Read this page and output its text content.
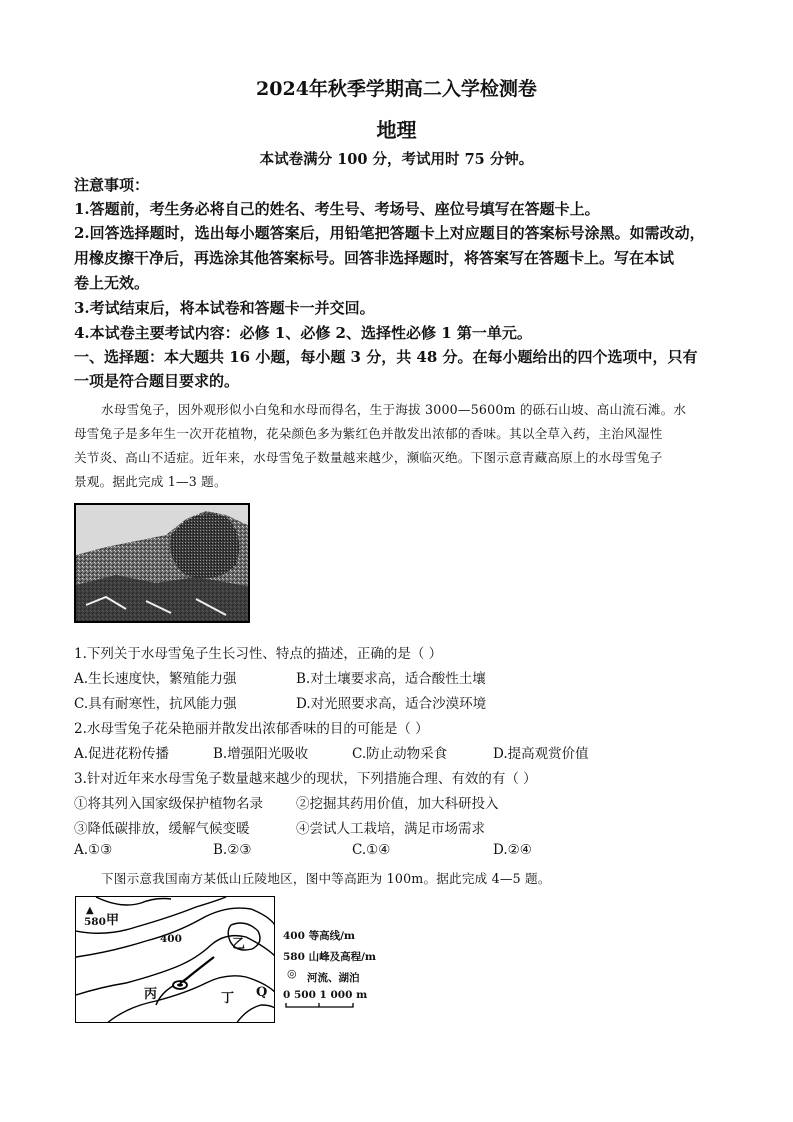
2024年秋季学期高二入学检测卷
地理
本试卷满分 100 分，考试用时 75 分钟。
注意事项：
1.答题前，考生务必将自己的姓名、考生号、考场号、座位号填写在答题卡上。
2.回答选择题时，选出每小题答案后，用铅笔把答题卡上对应题目的答案标号涂黑。如需改动，
用橡皮擦干净后，再选涂其他答案标号。回答非选择题时，将答案写在答题卡上。写在本试
卷上无效。
3.考试结束后，将本试卷和答题卡一并交回。
4.本试卷主要考试内容：必修 1、必修 2、选择性必修 1 第一单元。
一、选择题：本大题共 16 小题，每小题 3 分，共 48 分。在每小题给出的四个选项中，只有
一项是符合题目要求的。
水母雪兔子，因外观形似小白兔和水母而得名，生于海拔 3000—5600m 的砾石山坡、高山流石滩。水
母雪兔子是多年生一次开花植物，花朵颜色多为紫红色并散发出浓郁的香味。其以全草入药，主治风湿性
关节炎、高山不适症。近年来，水母雪兔子数量越来越少，濒临灭绝。下图示意青藏高原上的水母雪兔子
景观。据此完成 1—3 题。
1.下列关于水母雪兔子生长习性、特点的描述，正确的是（ ）
A.生长速度快，繁殖能力强	B.对土壤要求高，适合酸性土壤
C.具有耐寒性，抗风能力强	D.对光照要求高，适合沙漠环境
2.水母雪兔子花朵艳丽并散发出浓郁香味的目的可能是（ ）
A.促进花粉传播	B.增强阳光吸收	C.防止动物采食	D.提高观赏价值
3.针对近年来水母雪兔子数量越来越少的现状，下列措施合理、有效的有（ ）
①将其列入国家级保护植物名录 ②挖掘其药用价值，加大科研投入
③降低碳排放，缓解气候变暖	④尝试人工栽培，满足市场需求
A.①③	B.②③	C.①④	D.②④
下图示意我国南方某低山丘陵地区，图中等高距为 100m。据此完成 4—5 题。
▲
580 甲
400	乙
丙	丁 Q
400 等高线/m
580 山峰及高程/m
◎ 河流、湖泊
0 500 1 000 m
